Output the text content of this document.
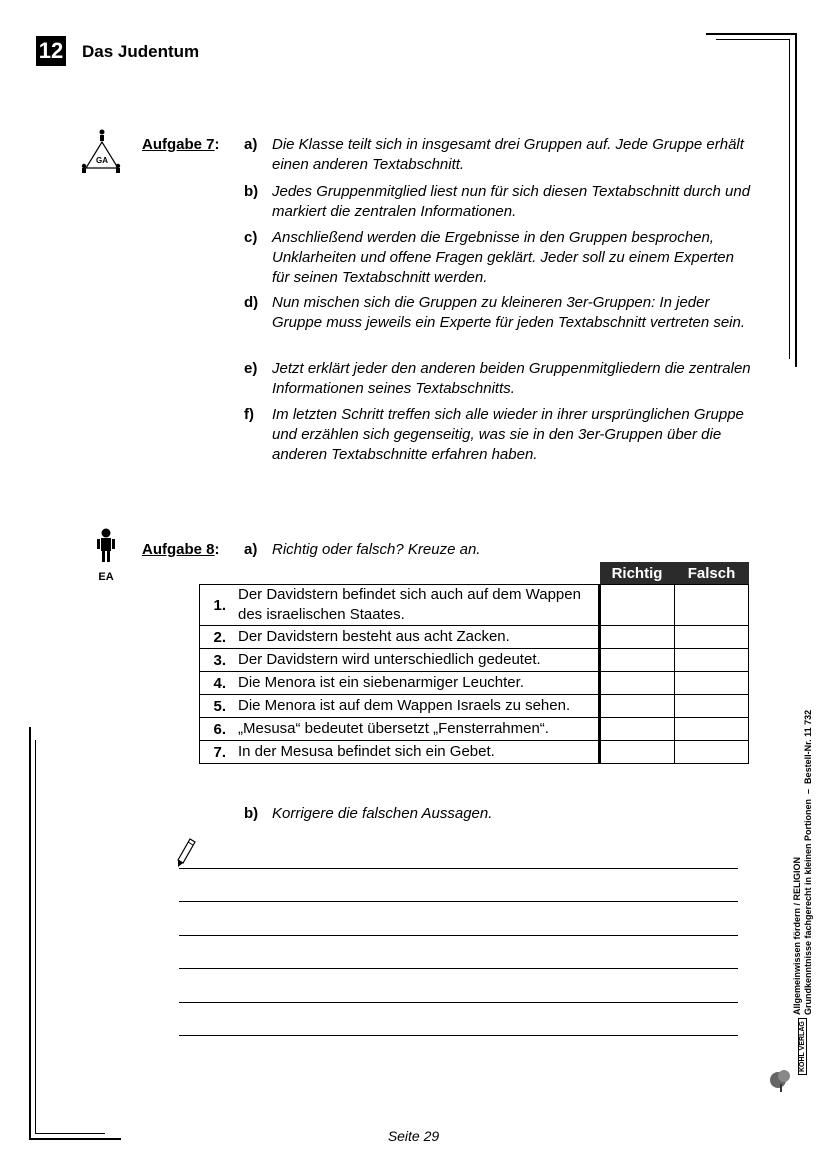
12 Das Judentum
GA
Aufgabe 7: a) Die Klasse teilt sich in insgesamt drei Gruppen auf. Jede Gruppe erhält einen anderen Textabschnitt.
b) Jedes Gruppenmitglied liest nun für sich diesen Textabschnitt durch und markiert die zentralen Informationen.
c) Anschließend werden die Ergebnisse in den Gruppen besprochen, Unklarheiten und offene Fragen geklärt. Jeder soll zu einem Experten für seinen Textabschnitt werden.
d) Nun mischen sich die Gruppen zu kleineren 3er-Gruppen: In jeder Gruppe muss jeweils ein Experte für jeden Textabschnitt vertreten sein.
e) Jetzt erklärt jeder den anderen beiden Gruppenmitgliedern die zentralen Informationen seines Textabschnitts.
f) Im letzten Schritt treffen sich alle wieder in ihrer ursprünglichen Gruppe und erzählen sich gegenseitig, was sie in den 3er-Gruppen über die anderen Textabschnitte erfahren haben.
EA
Aufgabe 8: a) Richtig oder falsch? Kreuze an.
		Richtig	Falsch
1.	Der Davidstern befindet sich auch auf dem Wappen des israelischen Staates.		
2.	Der Davidstern besteht aus acht Zacken.		
3.	Der Davidstern wird unterschiedlich gedeutet.		
4.	Die Menora ist ein siebenarmiger Leuchter.		
5.	Die Menora ist auf dem Wappen Israels zu sehen.		
6.	„Mesusa“ bedeutet übersetzt „Fensterrahmen“.		
7.	In der Mesusa befindet sich ein Gebet.		
b) Korrigere die falschen Aussagen.
Allgemeinwissen fördern / RELIGION Grundkenntnisse fachgerecht in kleinen Portionen  –  Bestell-Nr. 11 732
KOHL VERLAG
Seite 29
